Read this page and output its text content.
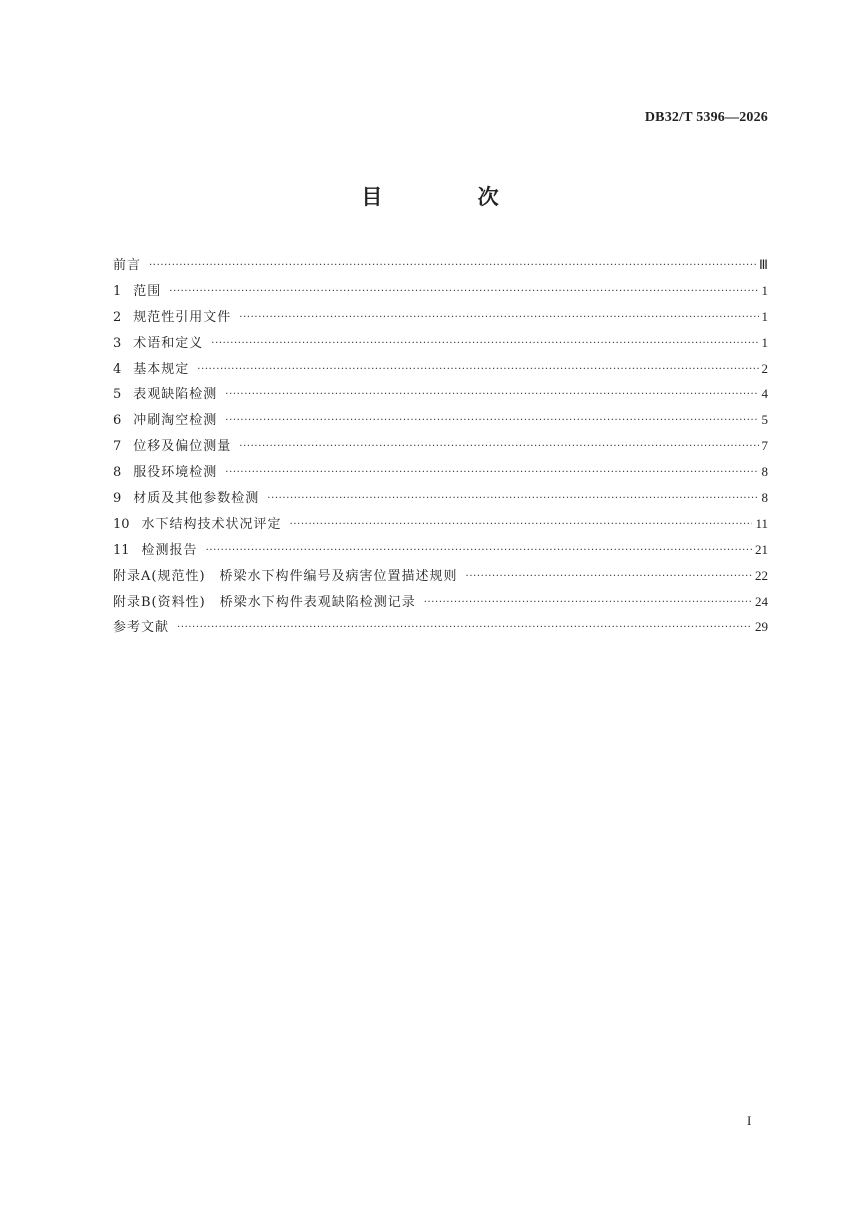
DB32/T 5396—2026
目 次
前言 ·····	Ⅲ
1 范围 ·····	1
2 规范性引用文件 ·····	1
3 术语和定义 ·····	1
4 基本规定 ·····	2
5 表观缺陷检测 ·····	4
6 冲刷淘空检测 ·····	5
7 位移及偏位测量 ·····	7
8 服役环境检测 ·····	8
9 材质及其他参数检测 ·····	8
10 水下结构技术状况评定 ·····	11
11 检测报告 ·····	21
附录A(规范性)　桥梁水下构件编号及病害位置描述规则 ·····	22
附录B(资料性)　桥梁水下构件表观缺陷检测记录 ·····	24
参考文献 ·····	29
I
